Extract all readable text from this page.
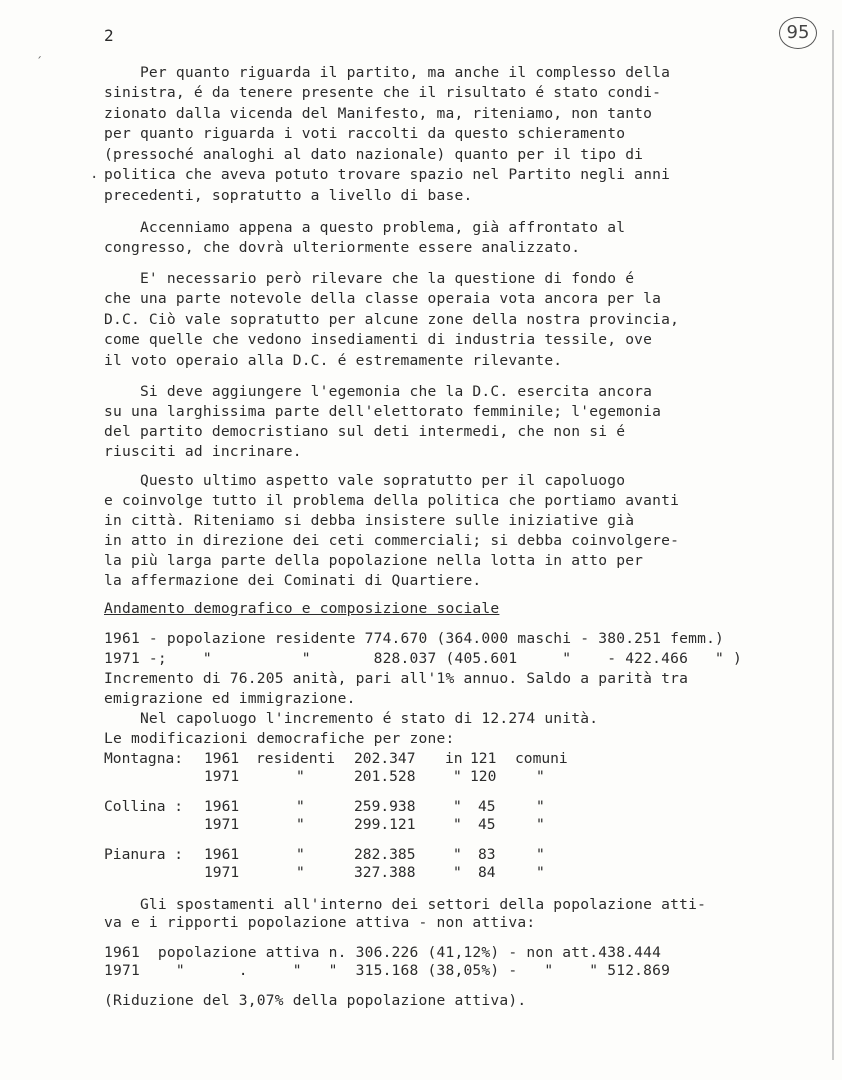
2	95
ˏ
·
Per quanto riguarda il partito, ma anche il complesso della
sinistra, é da tenere presente che il risultato é stato condi-
zionato dalla vicenda del Manifesto, ma, riteniamo, non tanto
per quanto riguarda i voti raccolti da questo schieramento
(pressoché analoghi al dato nazionale) quanto per il tipo di
politica che aveva potuto trovare spazio nel Partito negli anni
precedenti, sopratutto a livello di base.
Accenniamo appena a questo problema, già affrontato al
congresso, che dovrà ulteriormente essere analizzato.
E' necessario però rilevare che la questione di fondo é
che una parte notevole della classe operaia vota ancora per la
D.C. Ciò vale sopratutto per alcune zone della nostra provincia,
come quelle che vedono insediamenti di industria tessile, ove
il voto operaio alla D.C. é estremamente rilevante.
Si deve aggiungere l'egemonia che la D.C. esercita ancora
su una larghissima parte dell'elettorato femminile; l'egemonia
del partito democristiano sul deti intermedi, che non si é
riusciti ad incrinare.
Questo ultimo aspetto vale sopratutto per il capoluogo
e coinvolge tutto il problema della politica che portiamo avanti
in città. Riteniamo si debba insistere sulle iniziative già
in atto in direzione dei ceti commerciali; si debba coinvolgere-
la più larga parte della popolazione nella lotta in atto per
la affermazione dei Cominati di Quartiere.
Andamento demografico e composizione sociale
1961 - popolazione residente 774.670 (364.000 maschi - 380.251 femm.)
1971 -;    "          "       828.037 (405.601     "    - 422.466   " )
Incremento di 76.205 anità, pari all'1% annuo. Saldo a parità tra
emigrazione ed immigrazione.
Nel capoluogo l'incremento é stato di 12.274 unità.
Le modificazioni democrafiche per zone:
Montagna: 1961 residenti 202.347 in 121 comuni
1971	"	201.528	" 120	"
Collina : 1961	"	259.938	" 45	"
1971	"	299.121	" 45	"
Pianura : 1961	"	282.385	" 83	"
1971	"	327.388	" 84	"
Gli spostamenti all'interno dei settori della popolazione atti-
va e i ripporti popolazione attiva - non attiva:
1961  popolazione attiva n. 306.226 (41,12%) - non att.438.444
1971    "      .     "   "  315.168 (38,05%) -   "    " 512.869
(Riduzione del 3,07% della popolazione attiva).
